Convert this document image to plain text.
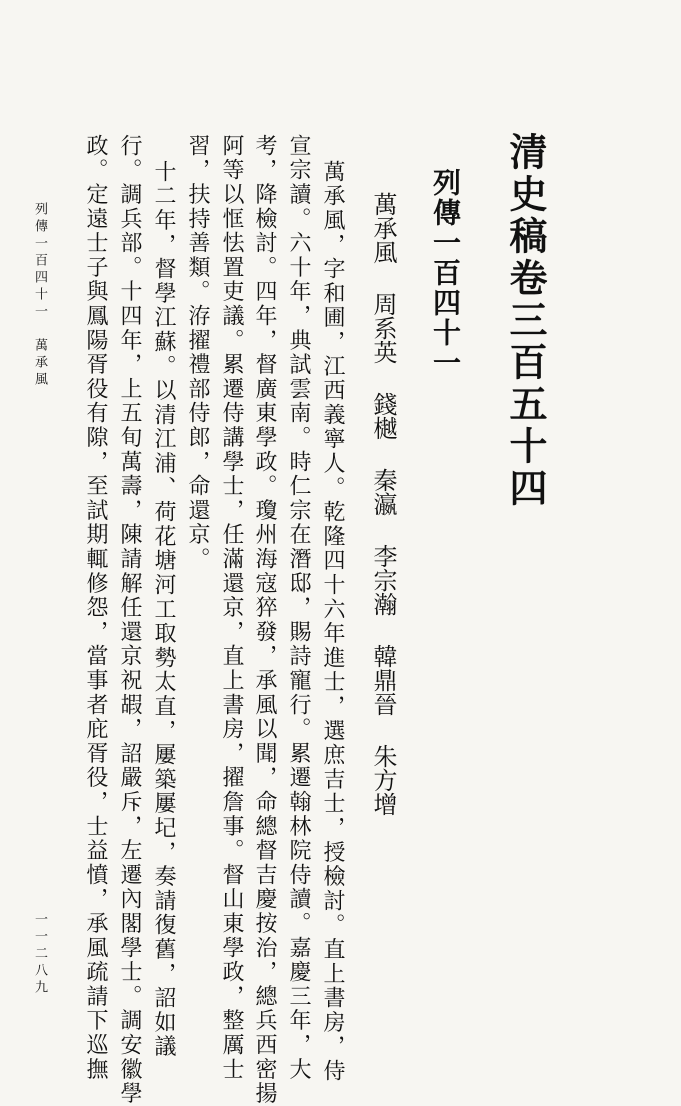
清史稿卷三百五十四
列傳一百四十一
萬承風周系英錢樾秦瀛李宗瀚韓鼎晉朱方增

萬承風，字和圃，江西義寧人。乾隆四十六年進士，選庶吉士，授檢討。直上書房，侍

宣宗讀。六十年，典試雲南。時仁宗在潛邸，賜詩寵行。累遷翰林院侍讀。嘉慶三年，大

考，降檢討。四年，督廣東學政。瓊州海寇猝發，承風以聞，命總督吉慶按治，總兵西密揚

阿等以恇怯置吏議。累遷侍講學士，任滿還京，直上書房，擢詹事。督山東學政，整厲士

習，扶持善類。洊擢禮部侍郎，命還京。

十二年，督學江蘇。以清江浦、荷花塘河工取勢太直，屢築屢圮，奏請復舊，詔如議

行。調兵部。十四年，上五旬萬壽，陳請解任還京祝嘏，詔嚴斥，左遷內閣學士。調安徽學

政。定遠士子與鳳陽胥役有隙，至試期輒修怨，當事者庇胥役，士益憤，承風疏請下巡撫

列傳一百四十一　萬承風
一一二八九
